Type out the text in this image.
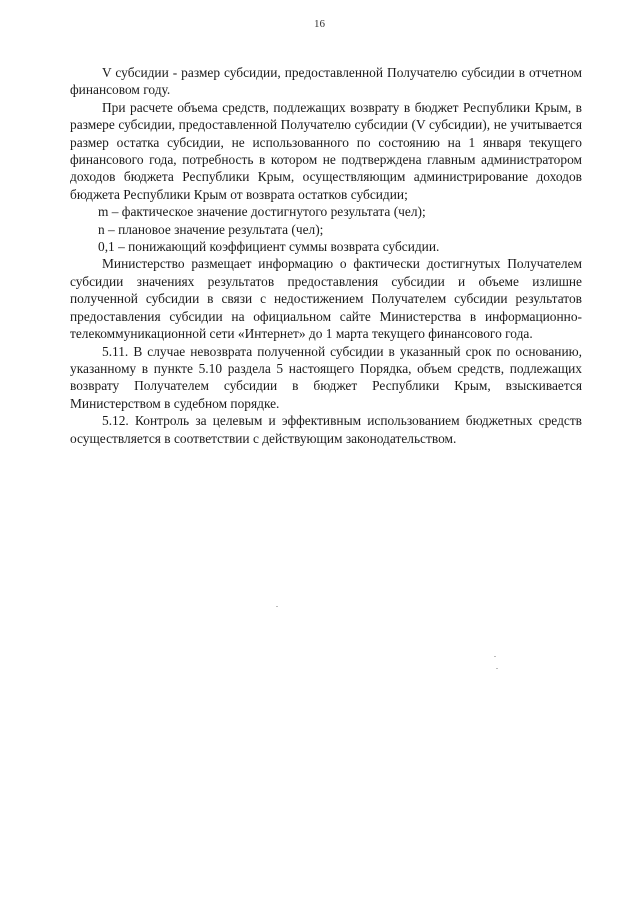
16

V субсидии - размер субсидии, предоставленной Получателю субсидии в отчетном финансовом году.

При расчете объема средств, подлежащих возврату в бюджет Республики Крым, в размере субсидии, предоставленной Получателю субсидии (V субсидии), не учитывается размер остатка субсидии, не использованного по состоянию на 1 января текущего финансового года, потребность в котором не подтверждена главным администратором доходов бюджета Республики Крым, осуществляющим администрирование доходов бюджета Республики Крым от возврата остатков субсидии;

m – фактическое значение достигнутого результата (чел);

n – плановое значение результата (чел);

0,1 – понижающий коэффициент суммы возврата субсидии.

Министерство размещает информацию о фактически достигнутых Получателем субсидии значениях результатов предоставления субсидии и объеме излишне полученной субсидии в связи с недостижением Получателем субсидии результатов предоставления субсидии на официальном сайте Министерства в информационно-телекоммуникационной сети «Интернет» до 1 марта текущего финансового года.

5.11. В случае невозврата полученной субсидии в указанный срок по основанию, указанному в пункте 5.10 раздела 5 настоящего Порядка, объем средств, подлежащих возврату Получателем субсидии в бюджет Республики Крым, взыскивается Министерством в судебном порядке.

5.12. Контроль за целевым и эффективным использованием бюджетных средств осуществляется в соответствии с действующим законодательством.
